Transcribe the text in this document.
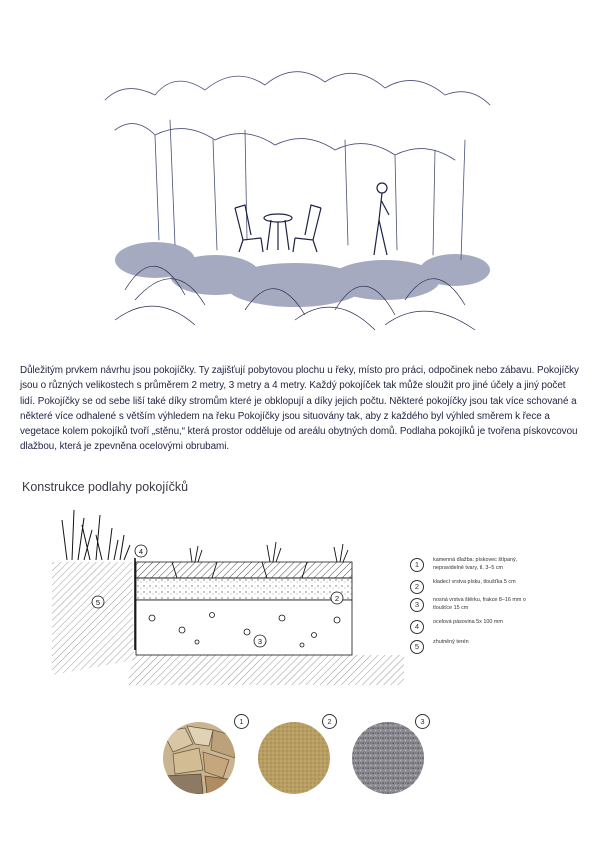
Důležitým prvkem návrhu jsou pokojíčky. Ty zajišťují pobytovou plochu u řeky, místo pro práci, odpočinek nebo zábavu. Pokojíčky jsou o různých velikostech s průměrem 2 metry, 3 metry a 4 metry. Každý pokojíček tak může sloužit pro jiné účely a jiný počet lidí. Pokojíčky se od sebe liší také díky stromům které je obklopují a díky jejich počtu. Některé pokojíčky jsou tak více schované a některé více odhalené s větším výhledem na řeku Pokojíčky jsou situovány tak, aby z každého byl výhled směrem k řece a vegetace kolem pokojíků tvoří „stěnu,“ která prostor odděluje od areálu obytných domů. Podlaha pokojíků je tvořena pískovcovou dlažbou, která je zpevněna ocelovými obrubami.

Konstrukce podlahy pokojíčků
4
5	2
3
1	kamenná dlažba: pískovec štípaný, nepravidelné tvary, tl. 3–5 cm
2	kladecí vrstva písku, tloušťka 5 cm
3	nosná vrstva štěrku, frakce 8–16 mm o tloušťce 15 cm
4	ocelová pásovina 5x 100 mm
5	zhutněný terén
1	2	3
